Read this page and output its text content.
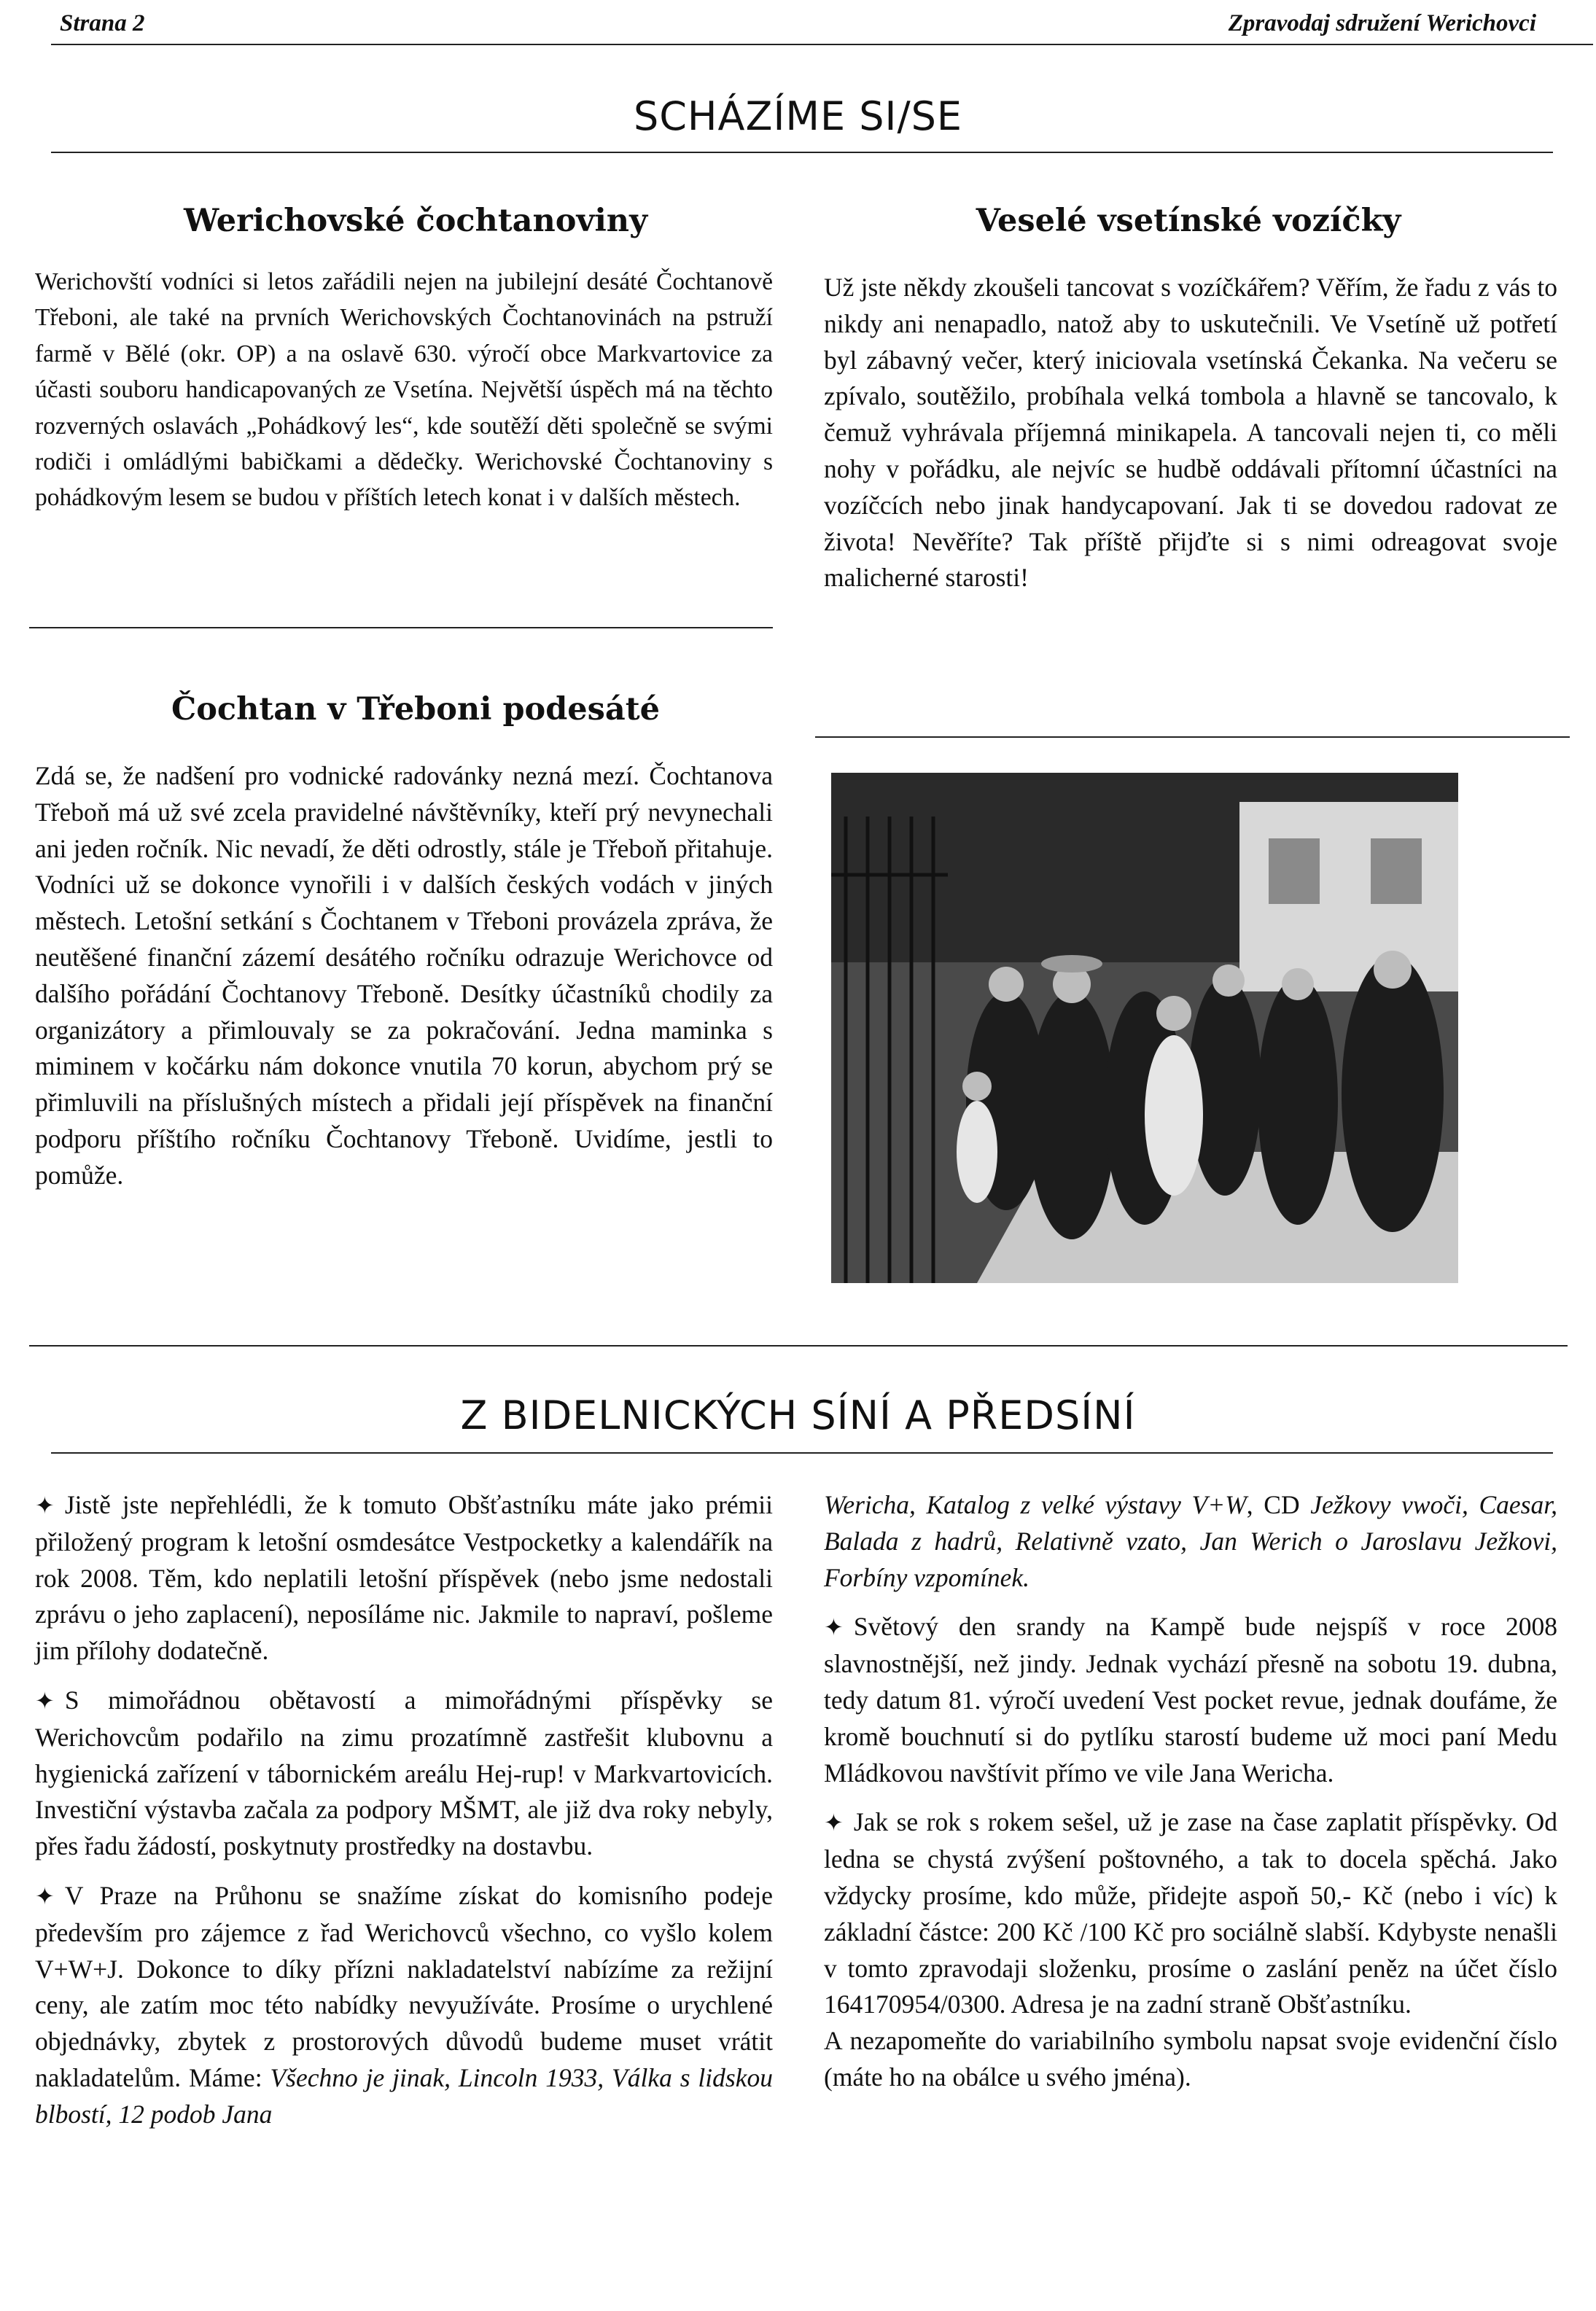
Strana 2	Zpravodaj sdružení Werichovci
SCHÁZÍME SI/SE
Werichovské čochtanoviny

Werichovští vodníci si letos zařádili nejen na jubilejní desáté Čochtanově Třeboni, ale také na prvních Werichovských Čochtanovinách na pstruží farmě v Bělé (okr. OP) a na oslavě 630. výročí obce Markvartovice za účasti souboru handicapovaných ze Vsetína. Největší úspěch má na těchto rozverných oslavách „Pohádkový les“, kde soutěží děti společně se svými rodiči i omládlými babičkami a dědečky. Werichovské Čochtanoviny s pohádkovým lesem se budou v příštích letech konat i v dalších městech.

Veselé vsetínské vozíčky

Už jste někdy zkoušeli tancovat s vozíčkářem? Věřím, že řadu z vás to nikdy ani nenapadlo, natož aby to uskutečnili. Ve Vsetíně už potřetí byl zábavný večer, který iniciovala vsetínská Čekanka. Na večeru se zpívalo, soutěžilo, probíhala velká tombola a hlavně se tancovalo, k čemuž vyhrávala příjemná minikapela. A tancovali nejen ti, co měli nohy v pořádku, ale nejvíc se hudbě oddávali přítomní účastníci na vozíčcích nebo jinak handycapovaní. Jak ti se dovedou radovat ze života! Nevěříte? Tak příště přijďte si s nimi odreagovat svoje malicherné starosti!

Čochtan v Třeboni podesáté

Zdá se, že nadšení pro vodnické radovánky nezná mezí. Čochtanova Třeboň má už své zcela pravidelné návštěvníky, kteří prý nevynechali ani jeden ročník. Nic nevadí, že děti odrostly, stále je Třeboň přitahuje. Vodníci už se dokonce vynořili i v dalších českých vodách v jiných městech. Letošní setkání s Čochtanem v Třeboni provázela zpráva, že neutěšené finanční zázemí desátého ročníku odrazuje Werichovce od dalšího pořádání Čochtanovy Třeboně. Desítky účastníků chodily za organizátory a přimlouvaly se za pokračování. Jedna maminka s miminem v kočárku nám dokonce vnutila 70 korun, abychom prý se přimluvili na příslušných místech a přidali její příspěvek na finanční podporu příštího ročníku Čochtanovy Třeboně. Uvidíme, jestli to pomůže.

Z BIDELNICKÝCH SÍNÍ A PŘEDSÍNÍ

✦ Jistě jste nepřehlédli, že k tomuto Obšťastníku máte jako prémii přiložený program k letošní osmdesátce Vestpocketky a kalendářík na rok 2008. Těm, kdo neplatili letošní příspěvek (nebo jsme nedostali zprávu o jeho zaplacení), neposíláme nic. Jakmile to napraví, pošleme jim přílohy dodatečně.

✦ S mimořádnou obětavostí a mimořádnými příspěvky se Werichovcům podařilo na zimu prozatímně zastřešit klubovnu a hygienická zařízení v tábornickém areálu Hej-rup! v Markvartovicích. Investiční výstavba začala za podpory MŠMT, ale již dva roky nebyly, přes řadu žádostí, poskytnuty prostředky na dostavbu.

✦ V Praze na Průhonu se snažíme získat do komisního podeje především pro zájemce z řad Werichovců všechno, co vyšlo kolem V+W+J. Dokonce to díky přízni nakladatelství nabízíme za režijní ceny, ale zatím moc této nabídky nevyužíváte. Prosíme o urychlené objednávky, zbytek z prostorových důvodů budeme muset vrátit nakladatelům. Máme: Všechno je jinak, Lincoln 1933, Válka s lidskou blbostí, 12 podob Jana

Wericha, Katalog z velké výstavy V+W, CD Ježkovy vwoči, Caesar, Balada z hadrů, Relativně vzato, Jan Werich o Jaroslavu Ježkovi, Forbíny vzpomínek.

✦ Světový den srandy na Kampě bude nejspíš v roce 2008 slavnostnější, než jindy. Jednak vychází přesně na sobotu 19. dubna, tedy datum 81. výročí uvedení Vest pocket revue, jednak doufáme, že kromě bouchnutí si do pytlíku starostí budeme už moci paní Medu Mládkovou navštívit přímo ve vile Jana Wericha.

✦ Jak se rok s rokem sešel, už je zase na čase zaplatit příspěvky. Od ledna se chystá zvýšení poštovného, a tak to docela spěchá. Jako vždycky prosíme, kdo může, přidejte aspoň 50,- Kč (nebo i víc) k základní částce: 200 Kč /100 Kč pro sociálně slabší. Kdybyste nenašli v tomto zpravodaji složenku, prosíme o zaslání peněz na účet číslo 164170954/0300. Adresa je na zadní straně Obšťastníku.

A nezapomeňte do variabilního symbolu napsat svoje evidenční číslo (máte ho na obálce u svého jména).
